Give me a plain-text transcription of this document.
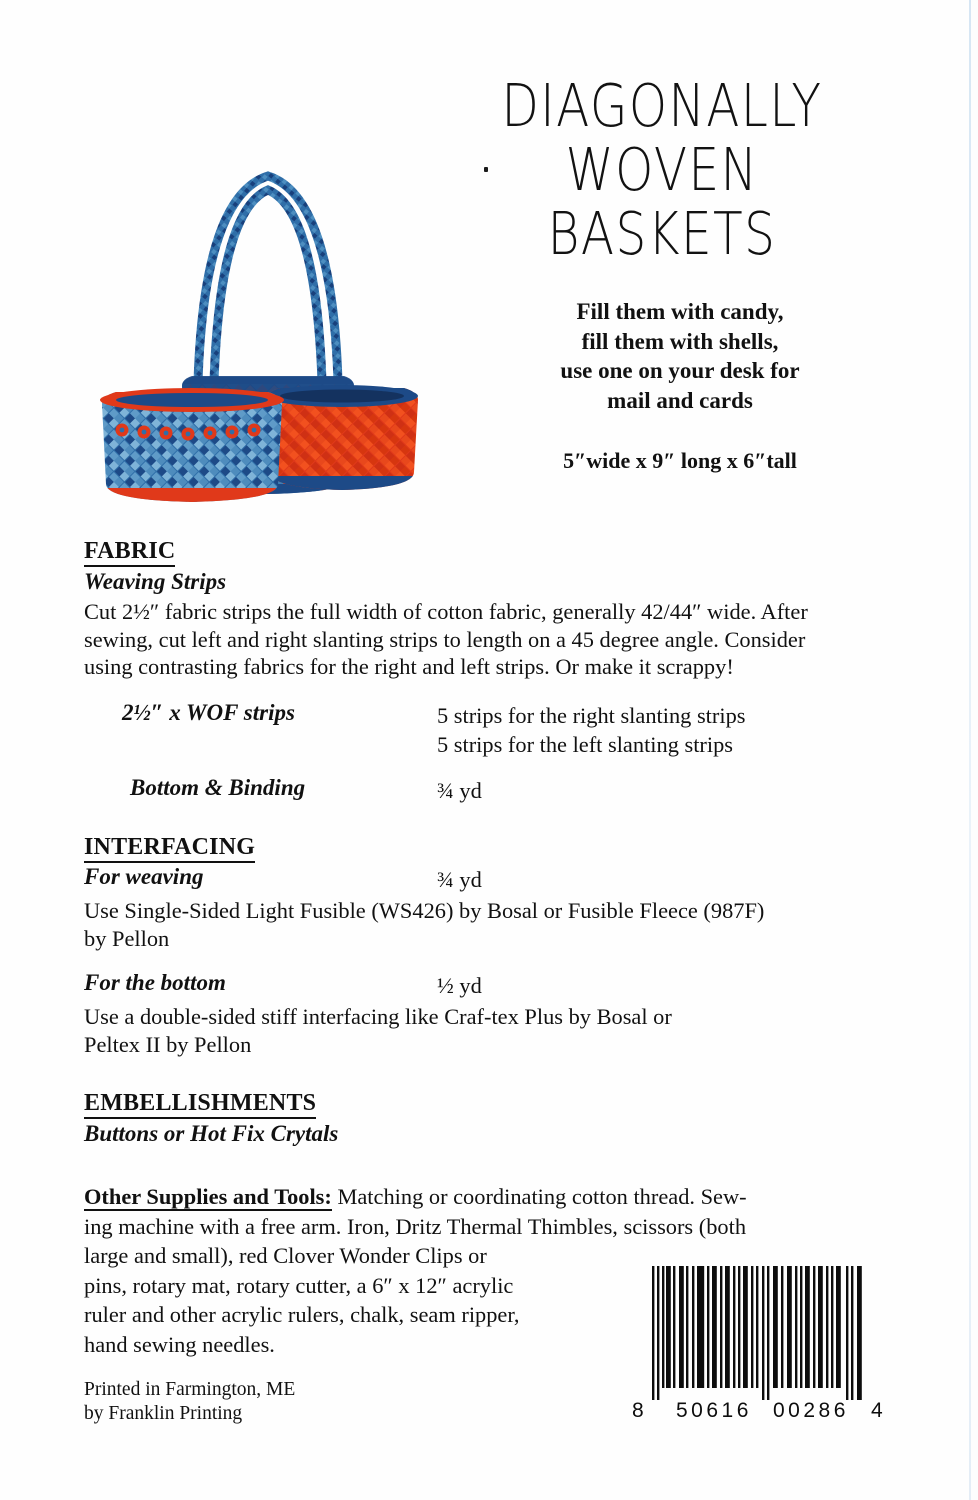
DIAGONALLY
WOVEN
BASKETS
Fill them with candy,
fill them with shells,
use one on your desk for
mail and cards
5″wide x 9″ long x 6″tall
FABRIC
Weaving Strips
Cut 2½″ fabric strips the full width of cotton fabric, generally 42/44″ wide. After
sewing, cut left and right slanting strips to length on a 45 degree angle. Consider
using contrasting fabrics for the right and left strips. Or make it scrappy!
2½″ x WOF strips	5 strips for the right slanting strips
5 strips for the left slanting strips
Bottom & Binding	¾ yd
INTERFACING
For weaving	¾ yd
Use Single-Sided Light Fusible (WS426) by Bosal or Fusible Fleece (987F)
by Pellon
For the bottom	½ yd
Use a double-sided stiff interfacing like Craf-tex Plus by Bosal or
Peltex II by Pellon
EMBELLISHMENTS
Buttons or Hot Fix Crytals
Other Supplies and Tools: Matching or coordinating cotton thread. Sew-
ing machine with a free arm. Iron, Dritz Thermal Thimbles, scissors (both
large and small), red Clover Wonder Clips or
pins, rotary mat, rotary cutter, a 6″ x 12″ acrylic
ruler and other acrylic rulers, chalk, seam ripper,
hand sewing needles.
Printed in Farmington, ME
by Franklin Printing	8 50616 00286 4
